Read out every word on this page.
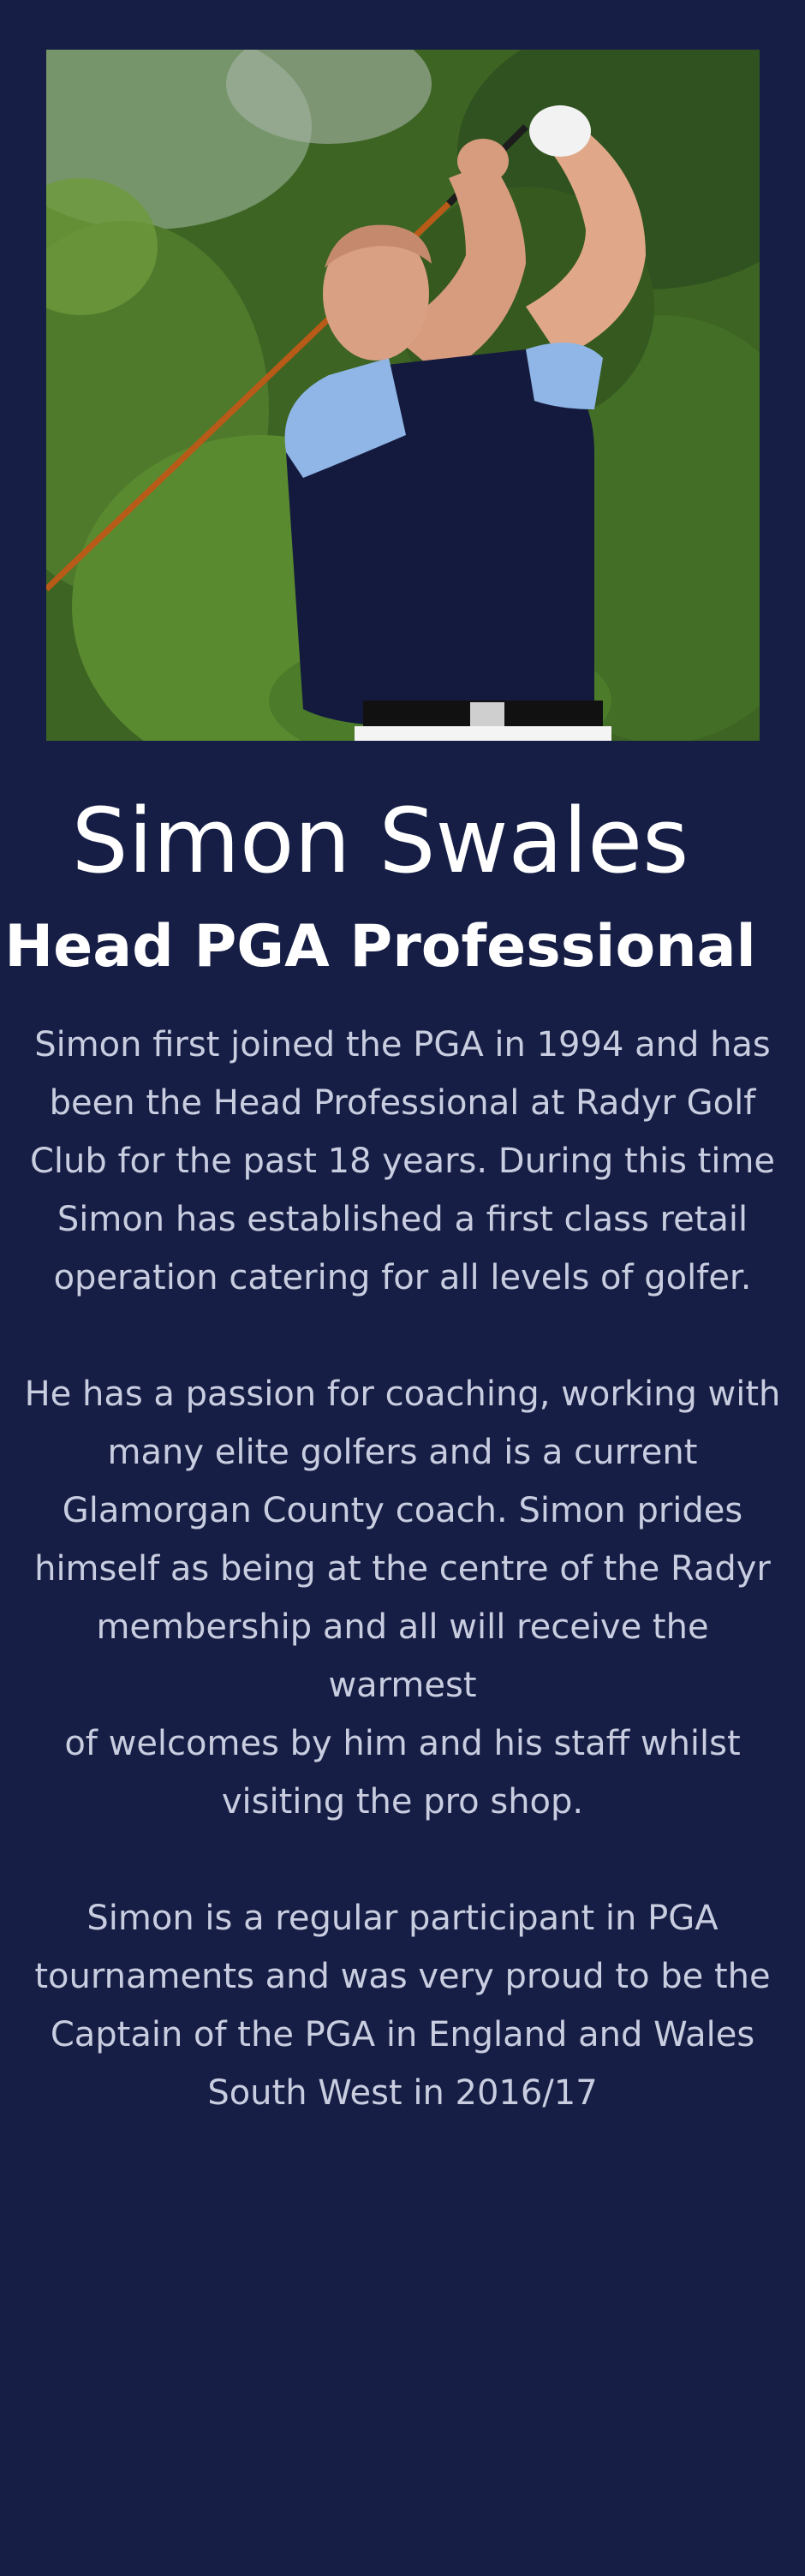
Simon Swales
Head PGA Professional

Simon first joined the PGA in 1994 and has
been the Head Professional at Radyr Golf
Club for the past 18 years. During this time
Simon has established a first class retail
operation catering for all levels of golfer.

He has a passion for coaching, working with
many elite golfers and is a current
Glamorgan County coach. Simon prides
himself as being at the centre of the Radyr
membership and all will receive the warmest
of welcomes by him and his staff whilst
visiting the pro shop.

Simon is a regular participant in PGA
tournaments and was very proud to be the
Captain of the PGA in England and Wales
South West in 2016/17
